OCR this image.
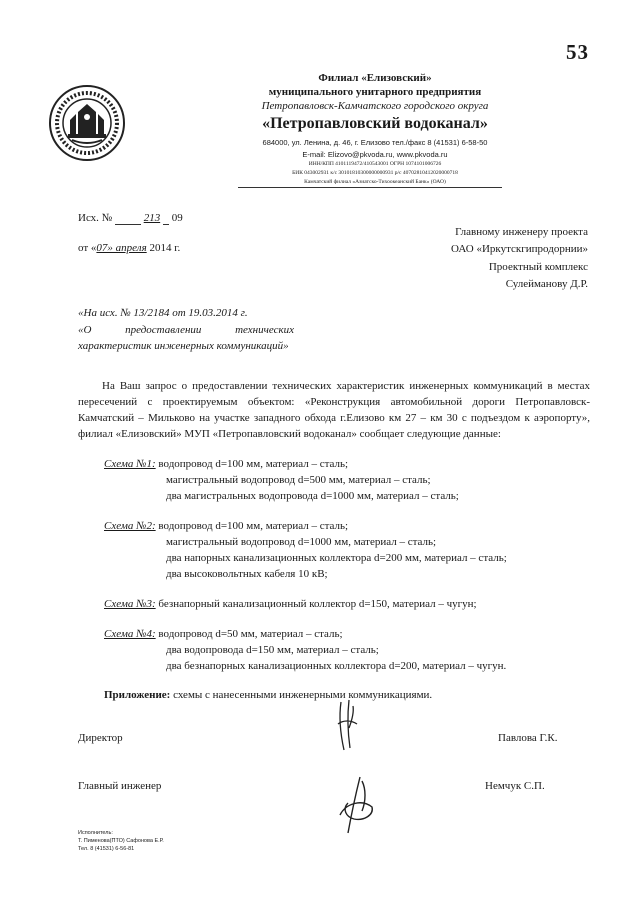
53
Филиал «Елизовский»
муниципального унитарного предприятия
Петропавловск-Камчатского городского округа
«Петропавловский водоканал»
684000, ул. Ленина, д. 46, г. Елизово тел./факс 8 (41531) 6-58-50
E-mail: Elizovo@pkvoda.ru, www.pkvoda.ru
ИНН/КПП 4101119472/410543001 ОГРН 1074101006726
БИК 043002931 к/с 30101810300000000931 р/с 40702810412020000718
Камчатский филиал «Азиатско-Тихоокеанский Банк» (ОАО)
Исх. №	213 09
от «07» апреля 2014 г.
Главному инженеру проекта
ОАО «Иркутскгипродорнии»
Проектный комплекс
Сулейманову Д.Р.
«На исх. № 13/2184 от 19.03.2014 г.
«О предоставлении технических характеристик инженерных коммуникаций»
На Ваш запрос о предоставлении технических характеристик инженерных коммуникаций в местах пересечений с проектируемым объектом: «Реконструкция автомобильной дороги Петропавловск-Камчатский – Мильково на участке западного обхода г.Елизово км 27 – км 30 с подъездом к аэропорту», филиал «Елизовский» МУП «Петропавловский водоканал» сообщает следующие данные:
Схема №1: водопровод d=100 мм, материал – сталь;
магистральный водопровод d=500 мм, материал – сталь;
два магистральных водопровода d=1000 мм, материал – сталь;
Схема №2: водопровод d=100 мм, материал – сталь;
магистральный водопровод d=1000 мм, материал – сталь;
два напорных канализационных коллектора d=200 мм, материал – сталь;
два высоковольтных кабеля 10 кВ;
Схема №3: безнапорный канализационный коллектор d=150, материал – чугун;
Схема №4: водопровод d=50 мм, материал – сталь;
два водопровода d=150 мм, материал – сталь;
два безнапорных канализационных коллектора d=200, материал – чугун.
Приложение: схемы с нанесенными инженерными коммуникациями.
Директор	Павлова Г.К.
Главный инженер	Немчук С.П.
Исполнитель:
Т. Пименова(ПТО) Сафонова Е.Р.
Тел. 8 (41531) 6-56-81
